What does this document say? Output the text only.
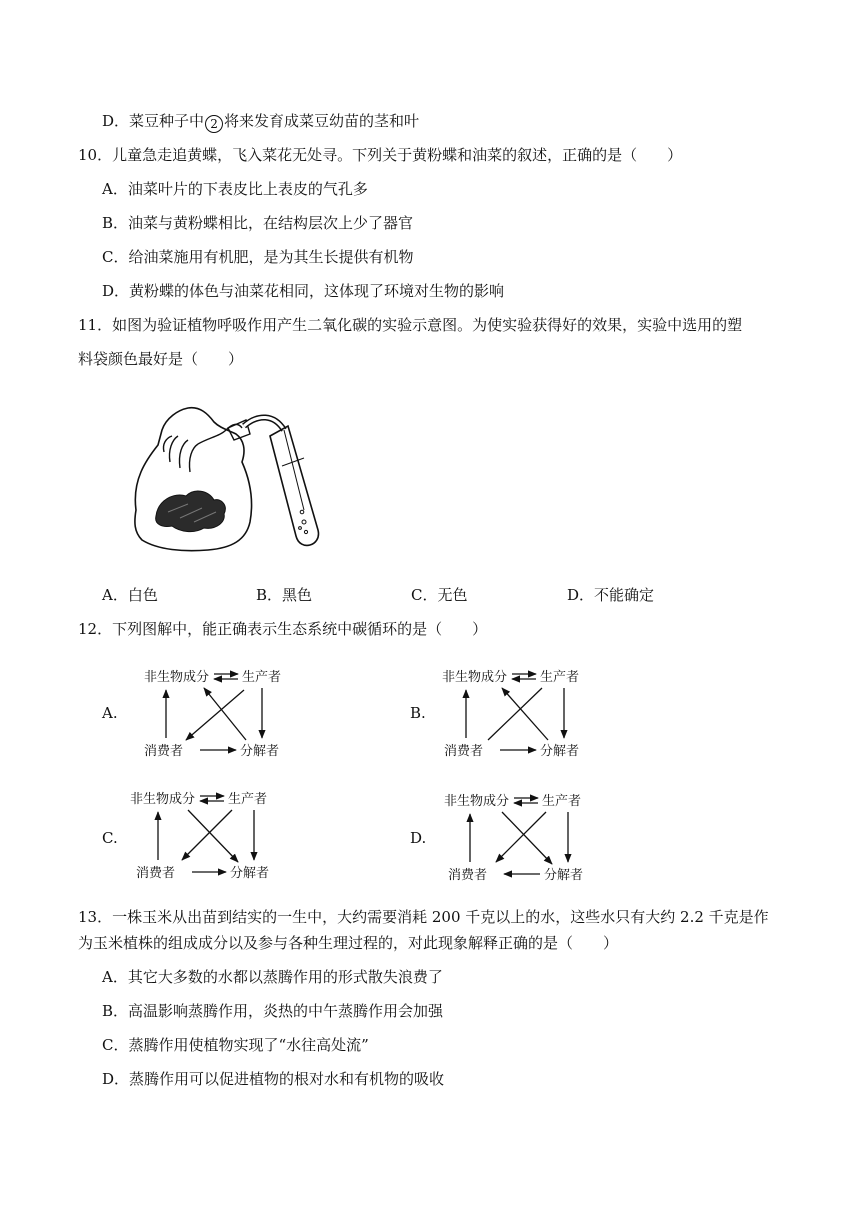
D．菜豆种子中 2 将来发育成菜豆幼苗的茎和叶
10．儿童急走追黄蝶，飞入菜花无处寻。下列关于黄粉蝶和油菜的叙述，正确的是（　　）
A．油菜叶片的下表皮比上表皮的气孔多
B．油菜与黄粉蝶相比，在结构层次上少了器官
C．给油菜施用有机肥，是为其生长提供有机物
D．黄粉蝶的体色与油菜花相同，这体现了环境对生物的影响
11．如图为验证植物呼吸作用产生二氧化碳的实验示意图。为使实验获得好的效果，实验中选用的塑
料袋颜色最好是（　　）
A．白色	B．黑色	C．无色	D．不能确定
12．下列图解中，能正确表示生态系统中碳循环的是（　　）
A.
非生物成分	生产者
消费者	分解者
B.
非生物成分	生产者
消费者	分解者
C.
非生物成分	生产者
消费者	分解者
D.
非生物成分	生产者
消费者	分解者
13．一株玉米从出苗到结实的一生中，大约需要消耗 200 千克以上的水，这些水只有大约 2.2 千克是作
为玉米植株的组成成分以及参与各种生理过程的，对此现象解释正确的是（　　）
A．其它大多数的水都以蒸腾作用的形式散失浪费了
B．高温影响蒸腾作用，炎热的中午蒸腾作用会加强
C．蒸腾作用使植物实现了“水往高处流”
D．蒸腾作用可以促进植物的根对水和有机物的吸收
